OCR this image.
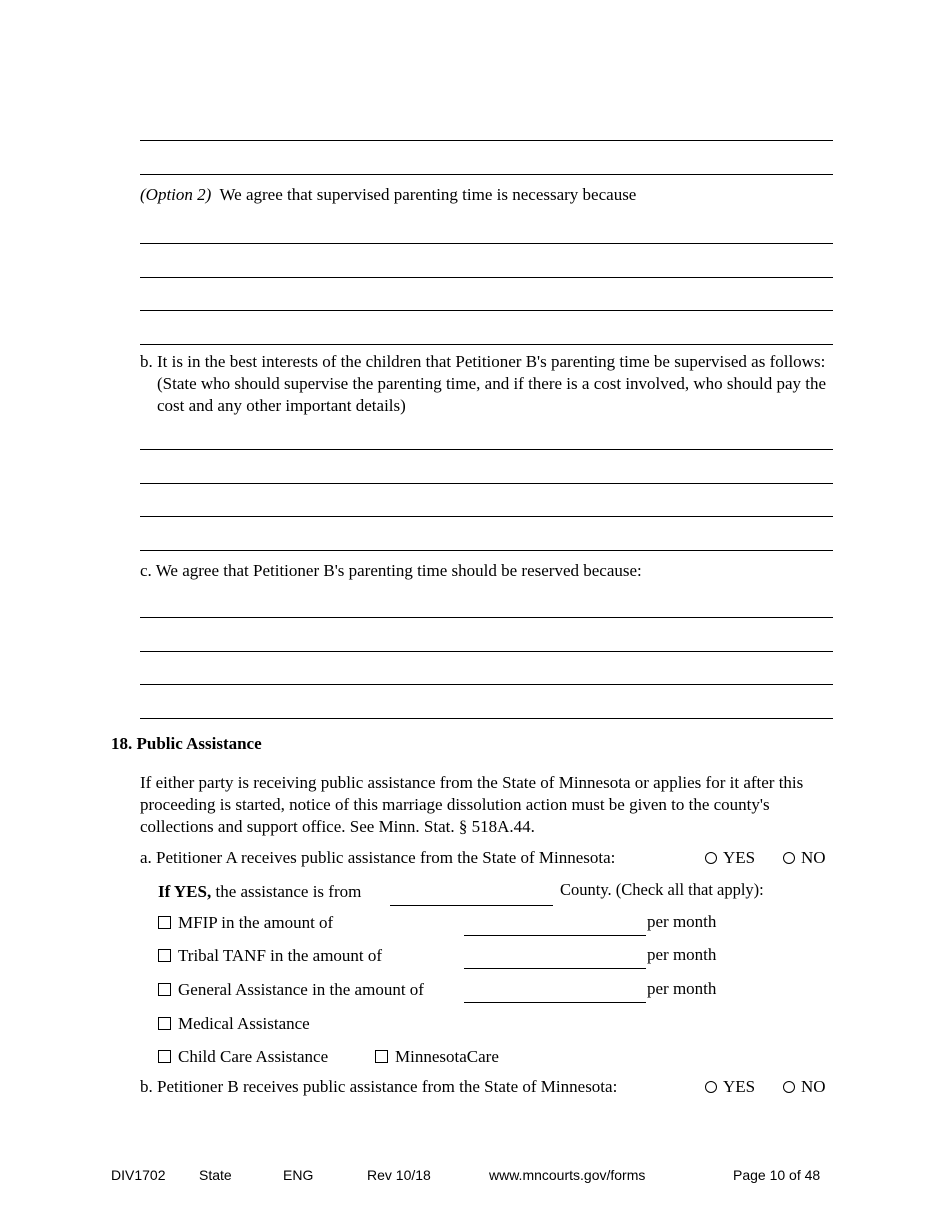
(Option 2) We agree that supervised parenting time is necessary because
b. It is in the best interests of the children that Petitioner B's parenting time be supervised as follows: (State who should supervise the parenting time, and if there is a cost involved, who should pay the cost and any other important details)
c. We agree that Petitioner B's parenting time should be reserved because:
18. Public Assistance
If either party is receiving public assistance from the State of Minnesota or applies for it after this proceeding is started, notice of this marriage dissolution action must be given to the county's collections and support office. See Minn. Stat. § 518A.44.
a. Petitioner A receives public assistance from the State of Minnesota:	YES	NO
If YES, the assistance is from	County. (Check all that apply):
MFIP in the amount of	per month
Tribal TANF in the amount of	per month
General Assistance in the amount of	per month
Medical Assistance
Child Care Assistance	MinnesotaCare
b. Petitioner B receives public assistance from the State of Minnesota:	YES	NO
DIV1702 State	ENG	Rev 10/18	www.mncourts.gov/forms	Page 10 of 48
